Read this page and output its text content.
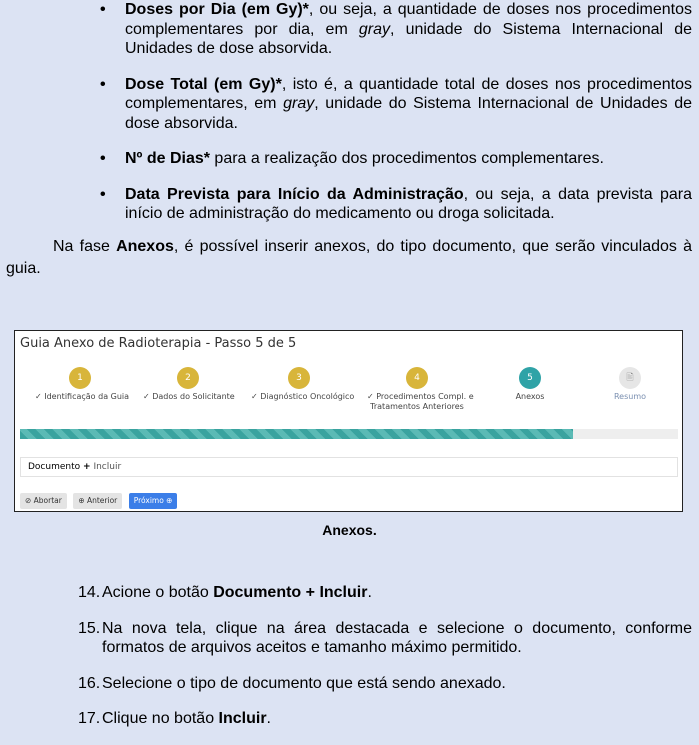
• Doses por Dia (em Gy)*, ou seja, a quantidade de doses nos procedimentos complementares por dia, em gray, unidade do Sistema Internacional de Unidades de dose absorvida.
• Dose Total (em Gy)*, isto é, a quantidade total de doses nos procedimentos complementares, em gray, unidade do Sistema Internacional de Unidades de dose absorvida.
• Nº de Dias* para a realização dos procedimentos complementares.
• Data Prevista para Início da Administração, ou seja, a data prevista para início de administração do medicamento ou droga solicitada.
Na fase Anexos, é possível inserir anexos, do tipo documento, que serão vinculados à guia.
Guia Anexo de Radioterapia - Passo 5 de 5
1
✓ Identificação da Guia
2
✓ Dados do Solicitante
3
✓ Diagnóstico Oncológico
4
✓ Procedimentos Compl. e
Tratamentos Anteriores
5
Anexos
🖹
Resumo
Documento + Incluir
⊘ Abortar ⊕ Anterior Próximo ⊕
Anexos.
14. Acione o botão Documento + Incluir.
15. Na nova tela, clique na área destacada e selecione o documento, conforme formatos de arquivos aceitos e tamanho máximo permitido.
16. Selecione o tipo de documento que está sendo anexado.
17. Clique no botão Incluir.
